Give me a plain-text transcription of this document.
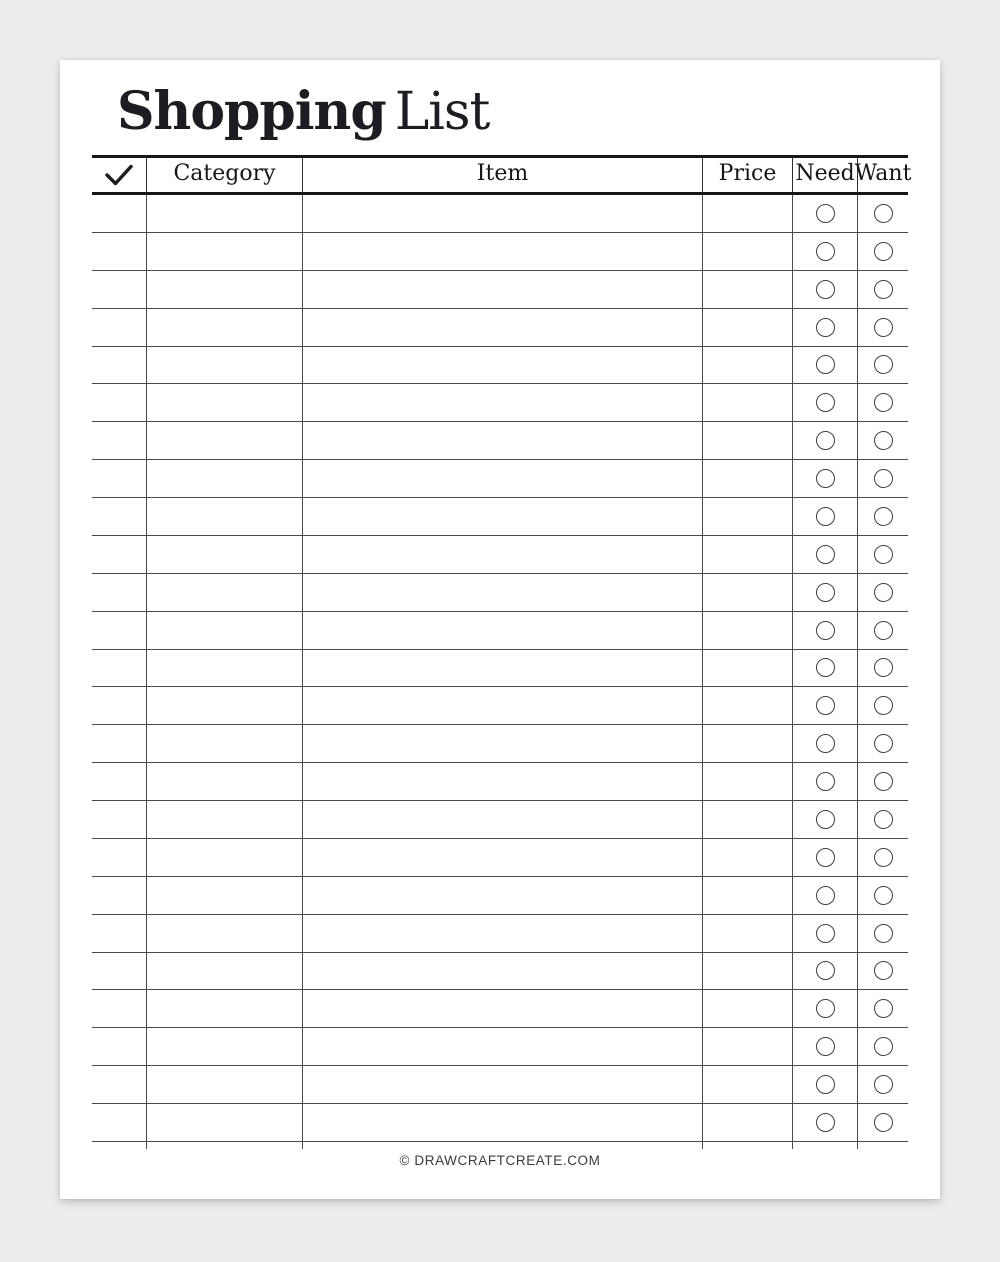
Shopping List
Category	Item	Price Need Want
© DRAWCRAFTCREATE.COM
